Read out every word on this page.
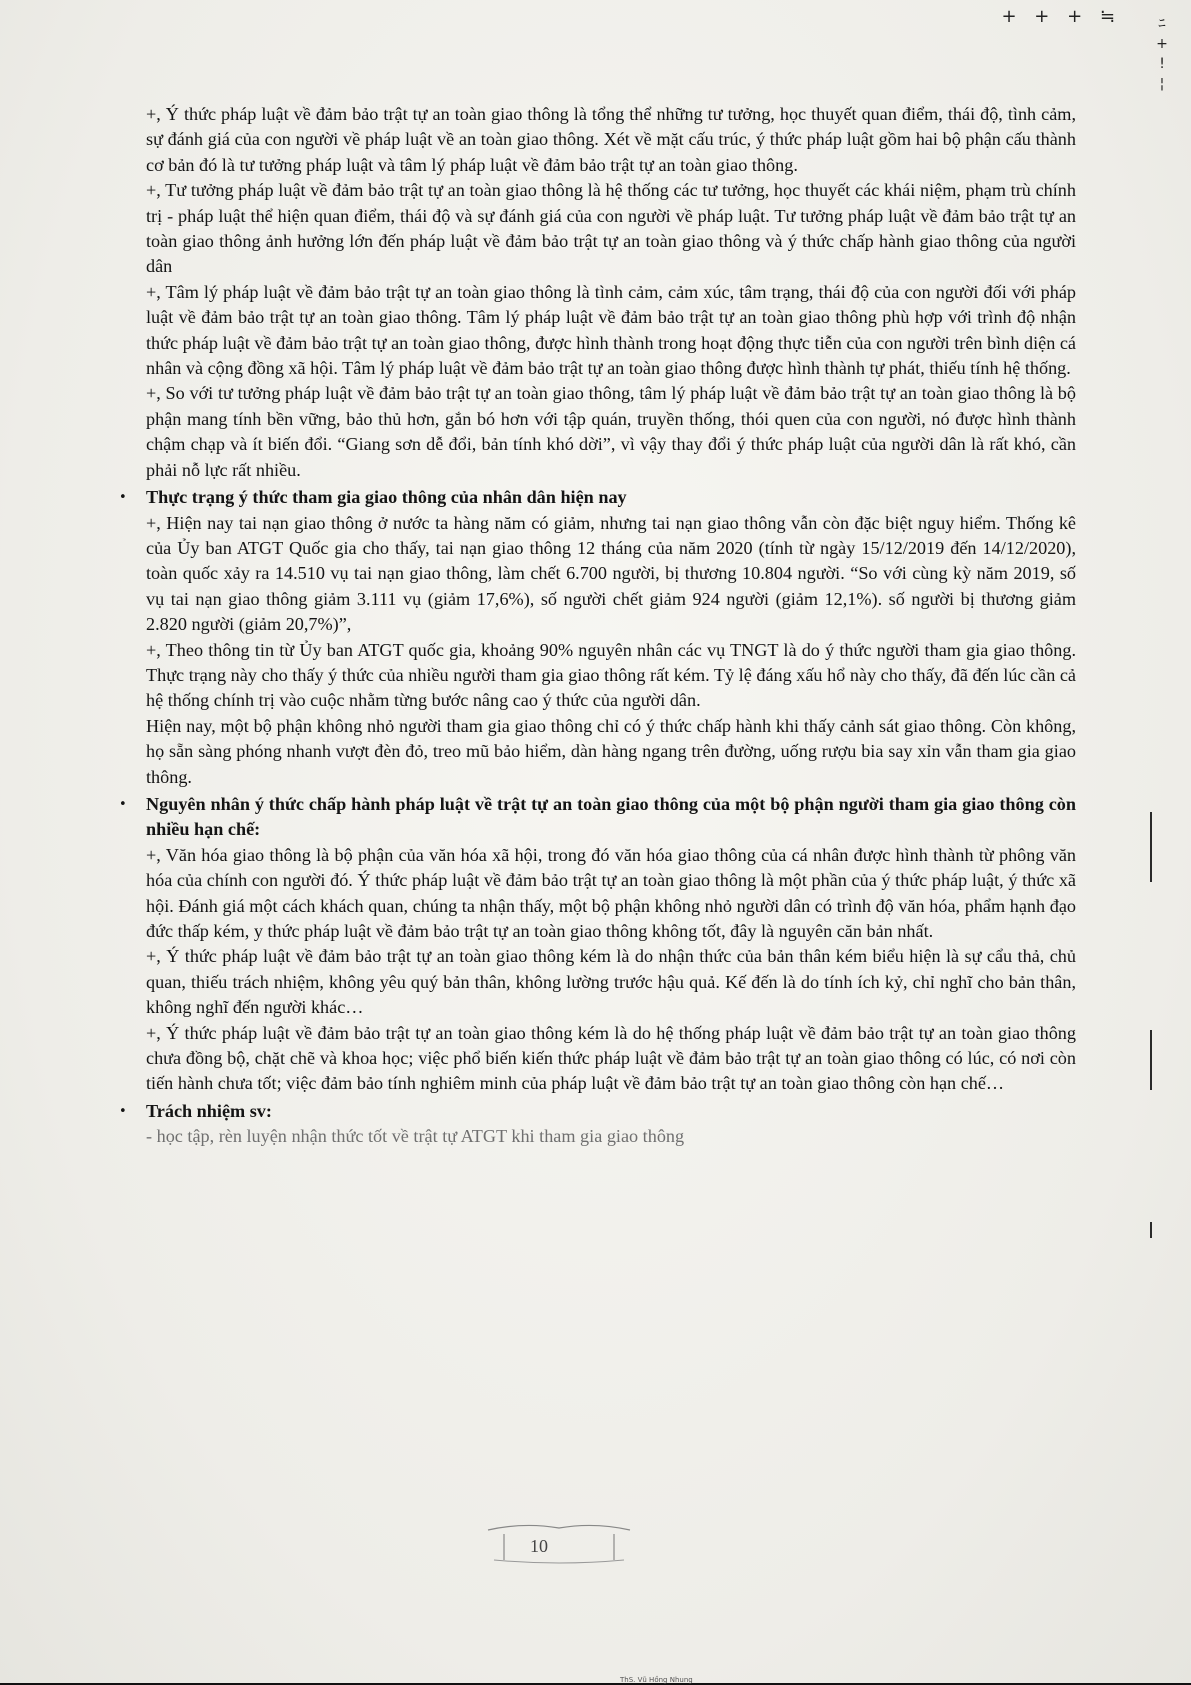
+ + + ≒	ﾆ + ! ¦

+, Ý thức pháp luật về đảm bảo trật tự an toàn giao thông là tổng thể những tư tưởng, học thuyết quan điểm, thái độ, tình cảm, sự đánh giá của con người về pháp luật về an toàn giao thông. Xét về mặt cấu trúc, ý thức pháp luật gồm hai bộ phận cấu thành cơ bản đó là tư tưởng pháp luật và tâm lý pháp luật về đảm bảo trật tự an toàn giao thông.

+, Tư tưởng pháp luật về đảm bảo trật tự an toàn giao thông là hệ thống các tư tưởng, học thuyết các khái niệm, phạm trù chính trị - pháp luật thể hiện quan điểm, thái độ và sự đánh giá của con người về pháp luật. Tư tưởng pháp luật về đảm bảo trật tự an toàn giao thông ảnh hưởng lớn đến pháp luật về đảm bảo trật tự an toàn giao thông và ý thức chấp hành giao thông của người dân

+, Tâm lý pháp luật về đảm bảo trật tự an toàn giao thông là tình cảm, cảm xúc, tâm trạng, thái độ của con người đối với pháp luật về đảm bảo trật tự an toàn giao thông. Tâm lý pháp luật về đảm bảo trật tự an toàn giao thông phù hợp với trình độ nhận thức pháp luật về đảm bảo trật tự an toàn giao thông, được hình thành trong hoạt động thực tiễn của con người trên bình diện cá nhân và cộng đồng xã hội. Tâm lý pháp luật về đảm bảo trật tự an toàn giao thông được hình thành tự phát, thiếu tính hệ thống.

+, So với tư tưởng pháp luật về đảm bảo trật tự an toàn giao thông, tâm lý pháp luật về đảm bảo trật tự an toàn giao thông là bộ phận mang tính bền vững, bảo thủ hơn, gắn bó hơn với tập quán, truyền thống, thói quen của con người, nó được hình thành chậm chạp và ít biến đổi. “Giang sơn dễ đổi, bản tính khó dời”, vì vậy thay đổi ý thức pháp luật của người dân là rất khó, cần phải nỗ lực rất nhiều.

• Thực trạng ý thức tham gia giao thông của nhân dân hiện nay

+, Hiện nay tai nạn giao thông ở nước ta hàng năm có giảm, nhưng tai nạn giao thông vẫn còn đặc biệt nguy hiểm. Thống kê của Ủy ban ATGT Quốc gia cho thấy, tai nạn giao thông 12 tháng của năm 2020 (tính từ ngày 15/12/2019 đến 14/12/2020), toàn quốc xảy ra 14.510 vụ tai nạn giao thông, làm chết 6.700 người, bị thương 10.804 người. “So với cùng kỳ năm 2019, số vụ tai nạn giao thông giảm 3.111 vụ (giảm 17,6%), số người chết giảm 924 người (giảm 12,1%). số người bị thương giảm 2.820 người (giảm 20,7%)”,

+, Theo thông tin từ Ủy ban ATGT quốc gia, khoảng 90% nguyên nhân các vụ TNGT là do ý thức người tham gia giao thông. Thực trạng này cho thấy ý thức của nhiều người tham gia giao thông rất kém. Tỷ lệ đáng xấu hổ này cho thấy, đã đến lúc cần cả hệ thống chính trị vào cuộc nhằm từng bước nâng cao ý thức của người dân.

Hiện nay, một bộ phận không nhỏ người tham gia giao thông chỉ có ý thức chấp hành khi thấy cảnh sát giao thông. Còn không, họ sẵn sàng phóng nhanh vượt đèn đỏ, treo mũ bảo hiểm, dàn hàng ngang trên đường, uống rượu bia say xỉn vẫn tham gia giao thông.

• Nguyên nhân ý thức chấp hành pháp luật về trật tự an toàn giao thông của một bộ phận người tham gia giao thông còn nhiều hạn chế:

+, Văn hóa giao thông là bộ phận của văn hóa xã hội, trong đó văn hóa giao thông của cá nhân được hình thành từ phông văn hóa của chính con người đó. Ý thức pháp luật về đảm bảo trật tự an toàn giao thông là một phần của ý thức pháp luật, ý thức xã hội. Đánh giá một cách khách quan, chúng ta nhận thấy, một bộ phận không nhỏ người dân có trình độ văn hóa, phẩm hạnh đạo đức thấp kém, y thức pháp luật về đảm bảo trật tự an toàn giao thông không tốt, đây là nguyên căn bản nhất.

+, Ý thức pháp luật về đảm bảo trật tự an toàn giao thông kém là do nhận thức của bản thân kém biểu hiện là sự cẩu thả, chủ quan, thiếu trách nhiệm, không yêu quý bản thân, không lường trước hậu quả. Kế đến là do tính ích kỷ, chỉ nghĩ cho bản thân, không nghĩ đến người khác…

+, Ý thức pháp luật về đảm bảo trật tự an toàn giao thông kém là do hệ thống pháp luật về đảm bảo trật tự an toàn giao thông chưa đồng bộ, chặt chẽ và khoa học; việc phổ biến kiến thức pháp luật về đảm bảo trật tự an toàn giao thông có lúc, có nơi còn tiến hành chưa tốt; việc đảm bảo tính nghiêm minh của pháp luật về đảm bảo trật tự an toàn giao thông còn hạn chế…

• Trách nhiệm sv:

- học tập, rèn luyện nhận thức tốt về trật tự ATGT khi tham gia giao thông

10
ThS. Vũ Hồng Nhung
